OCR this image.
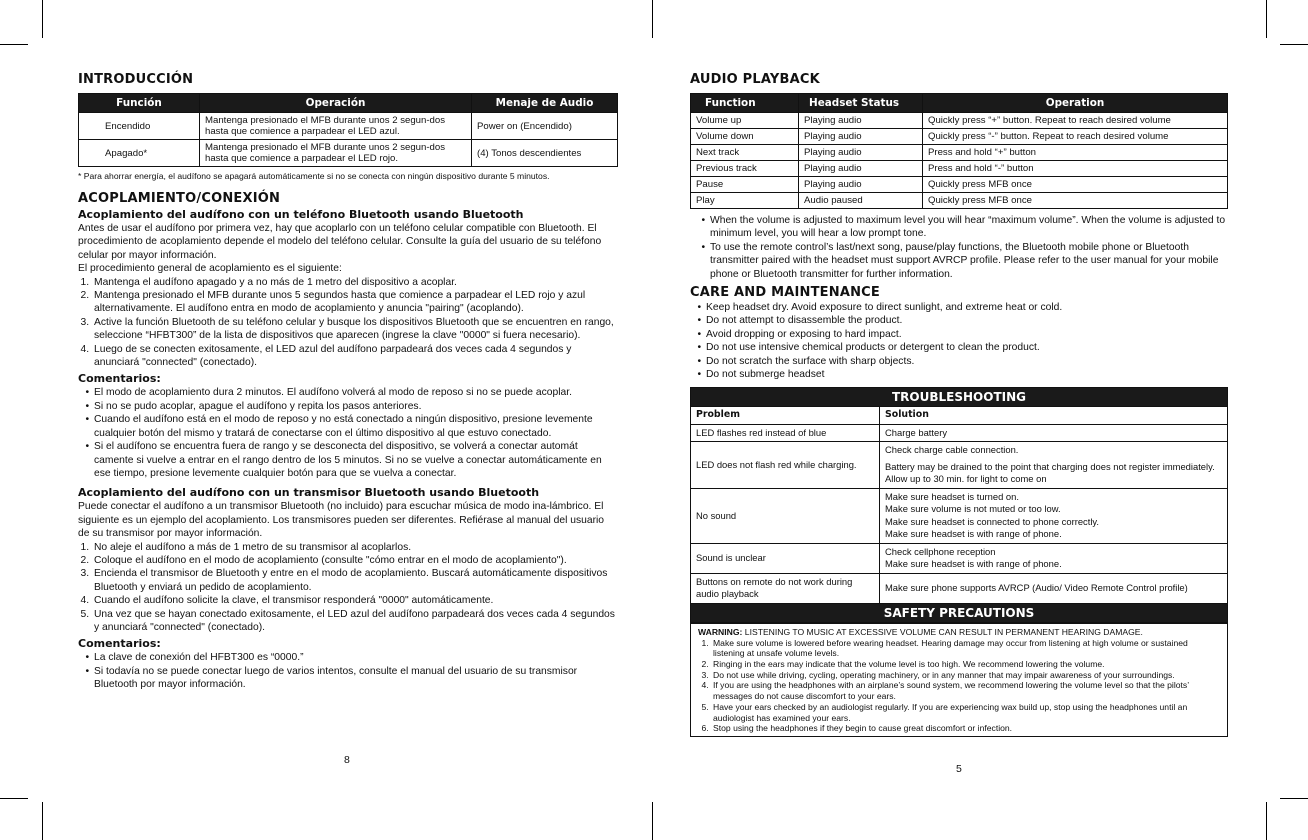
INTRODUCCIÓN
Función	Operación	Menaje de Audio
Encendido	Mantenga presionado el MFB durante unos 2 segun-dos hasta que comience a parpadear el LED azul.	Power on (Encendido)
Apagado*	Mantenga presionado el MFB durante unos 2 segun-dos hasta que comience a parpadear el LED rojo.	(4) Tonos descendientes
* Para ahorrar energía, el audífono se apagará automáticamente si no se conecta con ningún dispositivo durante 5 minutos.
ACOPLAMIENTO/CONEXIÓN
Acoplamiento del audífono con un teléfono Bluetooth usando Bluetooth

Antes de usar el audífono por primera vez, hay que acoplarlo con un teléfono celular compatible con Bluetooth. El procedimiento de acoplamiento depende el modelo del teléfono celular. Consulte la guía del usuario de su teléfono celular por mayor información.

El procedimiento general de acoplamiento es el siguiente:

1. Mantenga el audífono apagado y a no más de 1 metro del dispositivo a acoplar.
2. Mantenga presionado el MFB durante unos 5 segundos hasta que comience a parpadear el LED rojo y azul alternativamente. El audífono entra en modo de acoplamiento y anuncia "pairing" (acoplando).
3. Active la función Bluetooth de su teléfono celular y busque los dispositivos Bluetooth que se encuentren en rango, seleccione “HFBT300” de la lista de dispositivos que aparecen (ingrese la clave "0000" si fuera necesario).
4. Luego de se conecten exitosamente, el LED azul del audífono parpadeará dos veces cada 4 segundos y anunciará "connected" (conectado).
Comentarios:
• El modo de acoplamiento dura 2 minutos. El audífono volverá al modo de reposo si no se puede acoplar.
• Si no se pudo acoplar, apague el audífono y repita los pasos anteriores.
• Cuando el audífono está en el modo de reposo y no está conectado a ningún dispositivo, presione levemente cualquier botón del mismo y tratará de conectarse con el último dispositivo al que estuvo conectado.
• Si el audífono se encuentra fuera de rango y se desconecta del dispositivo, se volverá a conectar automát camente si vuelve a entrar en el rango dentro de los 5 minutos. Si no se vuelve a conectar automáticamente en ese tiempo, presione levemente cualquier botón para que se vuelva a conectar.
Acoplamiento del audífono con un transmisor Bluetooth usando Bluetooth

Puede conectar el audífono a un transmisor Bluetooth (no incluido) para escuchar música de modo ina-lámbrico. El siguiente es un ejemplo del acoplamiento. Los transmisores pueden ser diferentes. Refiérase al manual del usuario de su transmisor por mayor información.

1. No aleje el audífono a más de 1 metro de su transmisor al acoplarlos.
2. Coloque el audífono en el modo de acoplamiento (consulte "cómo entrar en el modo de acoplamiento").
3. Encienda el transmisor de Bluetooth y entre en el modo de acoplamiento. Buscará automáticamente dispositivos Bluetooth y enviará un pedido de acoplamiento.
4. Cuando el audífono solicite la clave, el transmisor responderá "0000" automáticamente.
5. Una vez que se hayan conectado exitosamente, el LED azul del audífono parpadeará dos veces cada 4 segundos y anunciará "connected" (conectado).
Comentarios:
• La clave de conexión del HFBT300 es “0000.”
• Si todavía no se puede conectar luego de varios intentos, consulte el manual del usuario de su transmisor Bluetooth por mayor información.
8
AUDIO PLAYBACK
Function	Headset Status	Operation
Volume up	Playing audio	Quickly press “+” button. Repeat to reach desired volume
Volume down	Playing audio	Quickly press “-” button. Repeat to reach desired volume
Next track	Playing audio	Press and hold “+” button
Previous track	Playing audio	Press and hold “-” button
Pause	Playing audio	Quickly press MFB once
Play	Audio paused	Quickly press MFB once
• When the volume is adjusted to maximum level you will hear “maximum volume”. When the volume is adjusted to minimum level, you will hear a low prompt tone.
• To use the remote control’s last/next song, pause/play functions, the Bluetooth mobile phone or Bluetooth transmitter paired with the headset must support AVRCP profile. Please refer to the user manual for your mobile phone or Bluetooth transmitter for further information.
CARE AND MAINTENANCE
• Keep headset dry. Avoid exposure to direct sunlight, and extreme heat or cold.
• Do not attempt to disassemble the product.
• Avoid dropping or exposing to hard impact.
• Do not use intensive chemical products or detergent to clean the product.
• Do not scratch the surface with sharp objects.
• Do not submerge headset
TROUBLESHOOTING	
Problem	Solution
LED flashes red instead of blue	Charge battery

LED does not flash red while charging.	Check charge cable connection.
Battery may be drained to the point that charging does not register immediately. Allow up to 30 min. for light to come on

No sound	Make sure headset is turned on.
Make sure volume is not muted or too low.
Make sure headset is connected to phone correctly.
Make sure headset is with range of phone.

Sound is unclear	Check cellphone reception
Make sure headset is with range of phone.

Buttons on remote do not work during audio playback	Make sure phone supports AVRCP (Audio/ Video Remote Control profile)

SAFETY PRECAUTIONS	

WARNING: LISTENING TO MUSIC AT EXCESSIVE VOLUME CAN RESULT IN PERMANENT HEARING DAMAGE.

1. Make sure volume is lowered before wearing headset. Hearing damage may occur from listening at high volume or sustained listening at unsafe volume levels.
2. Ringing in the ears may indicate that the volume level is too high. We recommend lowering the volume.
3. Do not use while driving, cycling, operating machinery, or in any manner that may impair awareness of your surroundings.
4. If you are using the headphones with an airplane’s sound system, we recommend lowering the volume level so that the pilots’ messages do not cause discomfort to your ears.
5. Have your ears checked by an audiologist regularly. If you are experiencing wax build up, stop using the headphones until an audiologist has examined your ears.
6. Stop using the headphones if they begin to cause great discomfort or infection.
5
